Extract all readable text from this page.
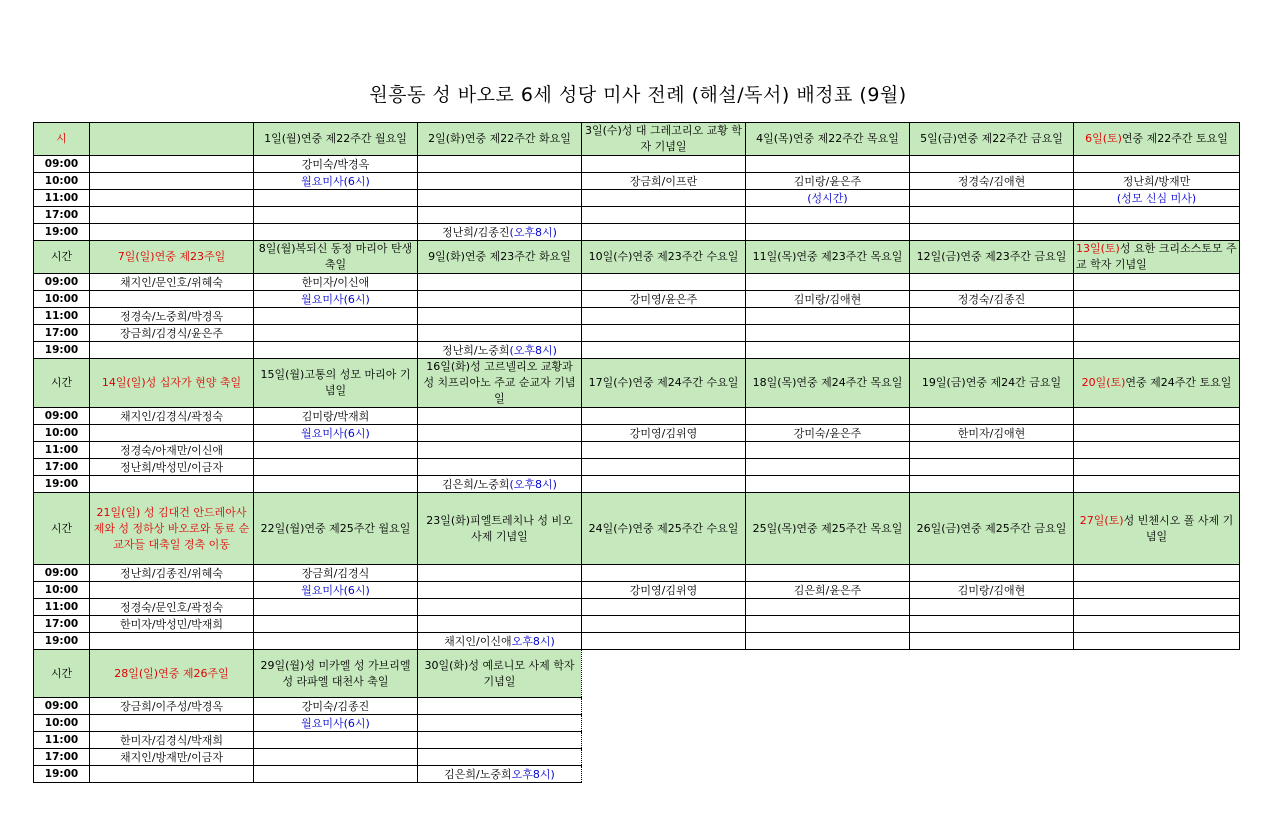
원흥동 성 바오로 6세 성당 미사 전례 (해설/독서) 배정표 (9월)
시		1일(월)연중 제22주간 월요일	2일(화)연중 제22주간 화요일	3일(수)성 대 그레고리오 교황 학자 기념일	4일(목)연중 제22주간 목요일	5일(금)연중 제22주간 금요일	6일(토)연중 제22주간 토요일
09:00		강미숙/박경옥					
10:00		월요미사(6시)		장금희/이프란	김미랑/윤은주	정경숙/김애현	정난희/방재만
11:00					(성시간)		(성모 신심 미사)
17:00							
19:00			정난희/김종진(오후8시)				
시간	7일(일)연중 제23주일	8일(월)복되신 동정 마리아 탄생축일	9일(화)연중 제23주간 화요일	10일(수)연중 제23주간 수요일	11일(목)연중 제23주간 목요일	12일(금)연중 제23주간 금요일	13일(토)성 요한 크리소스토모 주교 학자 기념일
09:00	채지인/문인호/위혜숙	한미자/이신애					
10:00		월요미사(6시)		강미영/윤은주	김미랑/김애현	정경숙/김종진	
11:00	정경숙/노중희/박경옥						
17:00	장금희/김경식/윤은주						
19:00			정난희/노중희(오후8시)				
시간	14일(일)성 십자가 현양 축일	15일(월)고통의 성모 마리아 기념일	16일(화)성 고르넬리오 교황과 성 치프리아노 주교 순교자 기념일	17일(수)연중 제24주간 수요일	18일(목)연중 제24주간 목요일	19일(금)연중 제24간 금요일	20일(토)연중 제24주간 토요일
09:00	채지인/김경식/곽정숙	김미랑/박재희					
10:00		월요미사(6시)		강미영/김위영	강미숙/윤은주	한미자/김애현	
11:00	정경숙/아재만/이신애						
17:00	정난희/박성민/이금자						
19:00			김은희/노중희(오후8시)				
시간	21일(일) 성 김대건 안드레아사제와 성 정하상 바오로와 동료 순교자들 대축일 경축 이동	22일(월)연중 제25주간 월요일	23일(화)피엘트레치나 성 비오 사제 기념일	24일(수)연중 제25주간 수요일	25일(목)연중 제25주간 목요일	26일(금)연중 제25주간 금요일	27일(토)성 빈첸시오 폴 사제 기념일
09:00	정난희/김종진/위혜숙	장금희/김경식					
10:00		월요미사(6시)		강미영/김위영	김은희/윤은주	김미랑/김애현	
11:00	정경숙/문인호/곽정숙						
17:00	한미자/박성민/박재희						
19:00			채지인/이신애오후8시)				
시간	28일(일)연중 제26주일	29일(월)성 미카엘 성 가브리엘 성 라파엘 대천사 축일	30일(화)성 예로니모 사제 학자 기념일				
09:00	장금희/이주성/박경옥	강미숙/김종진					
10:00		월요미사(6시)					
11:00	한미자/김경식/박재희						
17:00	채지인/방재만/이금자						
19:00			김은희/노중희오후8시)				
